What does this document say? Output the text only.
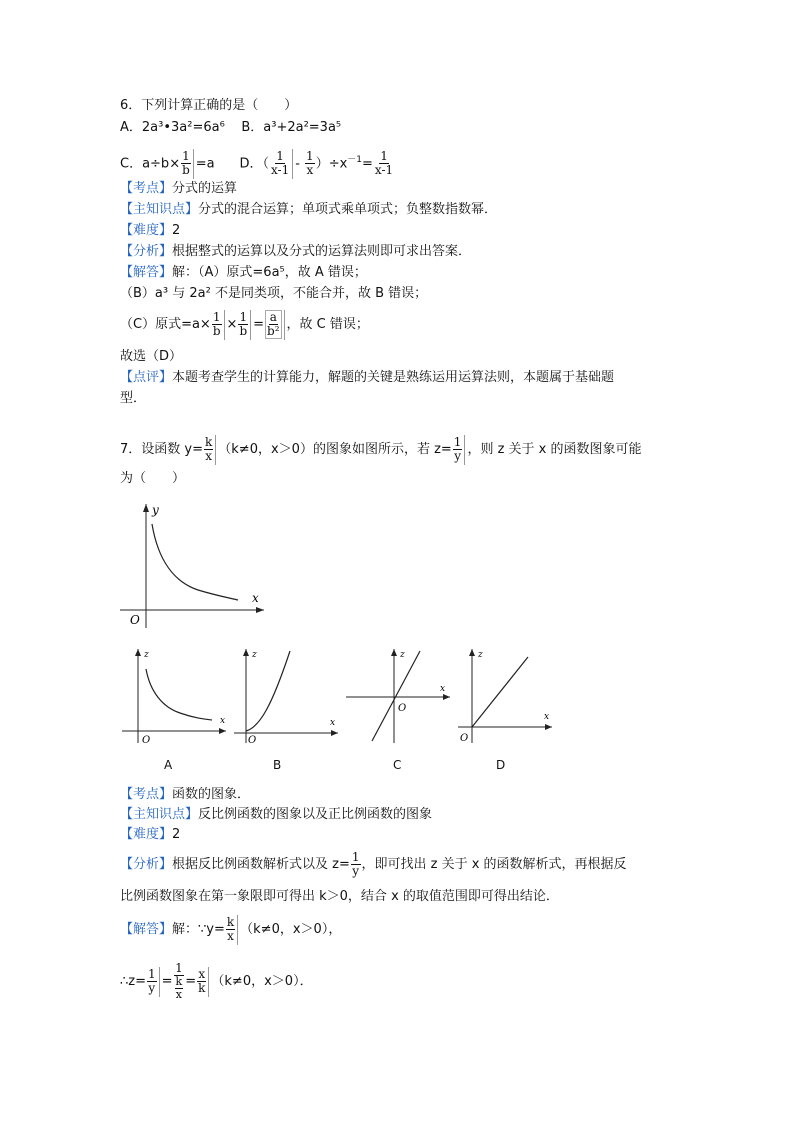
6．下列计算正确的是（　　）
A．2a³•3a²=6a⁶ B．a³+2a²=3a⁵
C．$a\div b\times \frac{1}{b} =a$ D．（ $\frac{1}{x-1} - \frac{1}{x} )\div x^{-1}= \frac{1}{x-1}$
【考点】分式的运算
【主知识点】分式的混合运算；单项式乘单项式；负整数指数幂．
【难度】2
【分析】根据整式的运算以及分式的运算法则即可求出答案．
【解答】解：（A）原式=6a⁵，故 A 错误；
（B）a³ 与 2a² 不是同类项，不能合并，故 B 错误；
（C）原式$=a\times \frac{1}{b} \times \frac{1}{b} = \frac{a}{\text{b²}}$ ，故 C 错误；
故选（D）
【点评】本题考查学生的计算能力，解题的关键是熟练运用运算法则，本题属于基础题
型．
7．设函数 $y= \frac{k}{x} (k\ne 0$，x＞0）的图象如图所示，若 $z= \frac{1}{y}$ ，则 z 关于 x 的函数图象可能
为（　　）
y
x
O
z
x
O
z
x
O
z
x
O
z
x
O
A	B	C	D
【考点】函数的图象．
【主知识点】反比例函数的图象以及正比例函数的图象
【难度】2
【分析】根据反比例函数解析式以及 $z= \frac{1}{y}$ ，即可找出 z 关于 x 的函数解析式，再根据反
比例函数图象在第一象限即可得出 k＞0，结合 x 的取值范围即可得出结论．
【解答】解：∵y= $\frac{k}{x} (k\ne 0$，x＞0），
∴z= $\frac{1}{y} = \frac{1}{\frac{k}{x}} = \frac{x}{k} (k\ne 0$，x＞0）．
